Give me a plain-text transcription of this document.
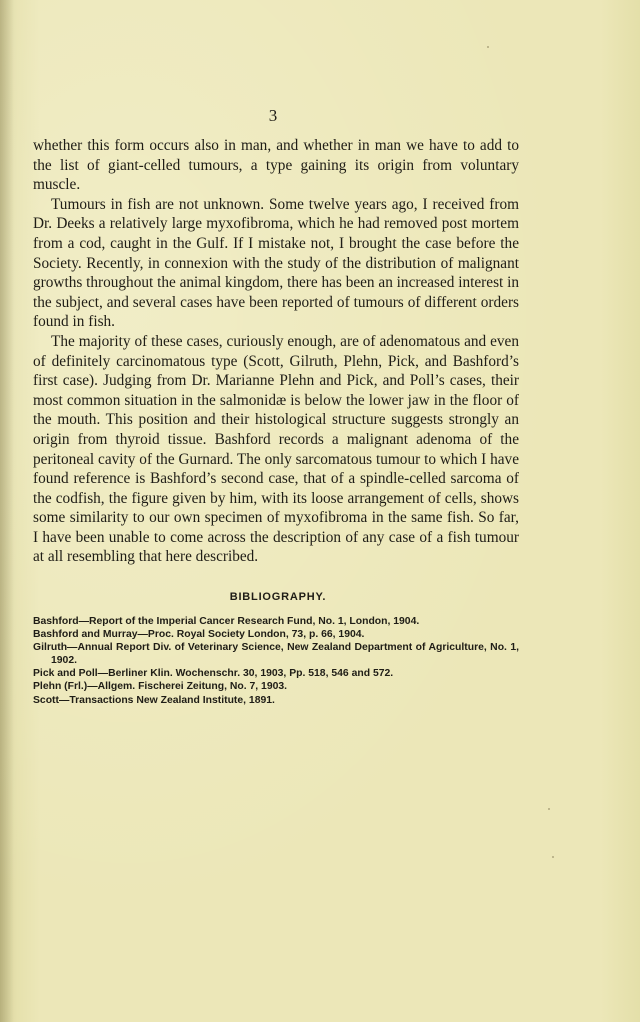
3

whether this form occurs also in man, and whether in man we have to add to the list of giant-celled tumours, a type gaining its origin from voluntary muscle.

Tumours in fish are not unknown. Some twelve years ago, I received from Dr. Deeks a relatively large myxofibroma, which he had removed post mortem from a cod, caught in the Gulf. If I mistake not, I brought the case before the Society. Recently, in connexion with the study of the distribution of malignant growths throughout the animal kingdom, there has been an increased interest in the subject, and several cases have been reported of tumours of different orders found in fish.

The majority of these cases, curiously enough, are of adenomatous and even of definitely carcinomatous type (Scott, Gilruth, Plehn, Pick, and Bashford’s first case). Judging from Dr. Marianne Plehn and Pick, and Poll’s cases, their most common situation in the salmonidæ is below the lower jaw in the floor of the mouth. This position and their histological structure suggests strongly an origin from thyroid tissue. Bashford records a malignant adenoma of the peritoneal cavity of the Gurnard. The only sarcomatous tumour to which I have found reference is Bashford’s second case, that of a spindle-celled sarcoma of the codfish, the figure given by him, with its loose arrangement of cells, shows some similarity to our own specimen of myxofibroma in the same fish. So far, I have been unable to come across the description of any case of a fish tumour at all resembling that here described.

BIBLIOGRAPHY.

Bashford—Report of the Imperial Cancer Research Fund, No. 1, London, 1904.

Bashford and Murray—Proc. Royal Society London, 73, p. 66, 1904.

Gilruth—Annual Report Div. of Veterinary Science, New Zealand Department of Agriculture, No. 1, 1902.

Pick and Poll—Berliner Klin. Wochenschr. 30, 1903, Pp. 518, 546 and 572.

Plehn (Frl.)—Allgem. Fischerei Zeitung, No. 7, 1903.

Scott—Transactions New Zealand Institute, 1891.
